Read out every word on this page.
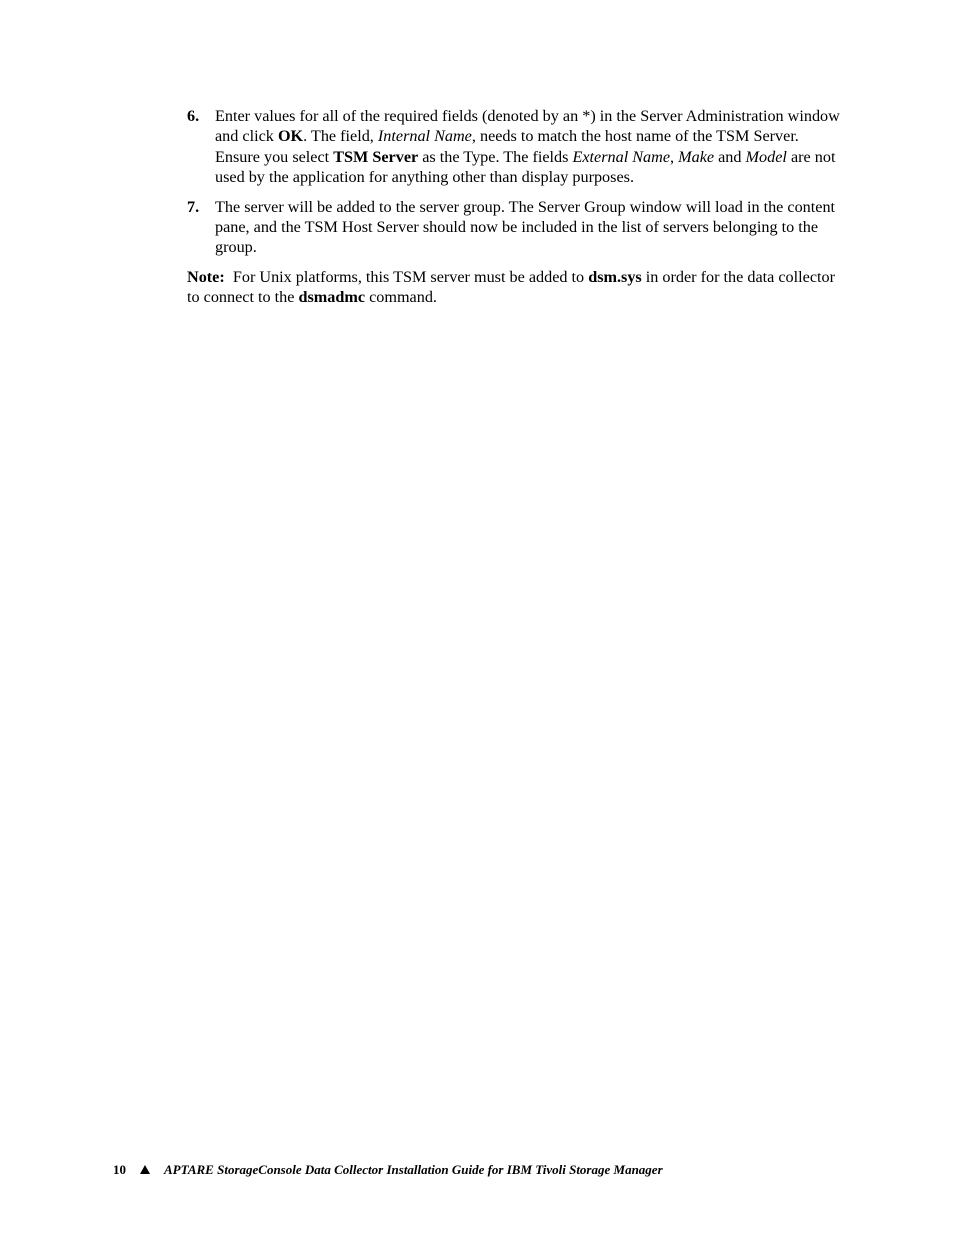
6. Enter values for all of the required fields (denoted by an *) in the Server Administration window and click OK. The field, Internal Name, needs to match the host name of the TSM Server. Ensure you select TSM Server as the Type. The fields External Name, Make and Model are not used by the application for anything other than display purposes.
7. The server will be added to the server group. The Server Group window will load in the content pane, and the TSM Host Server should now be included in the list of servers belonging to the group.

Note: For Unix platforms, this TSM server must be added to dsm.sys in order for the data collector to connect to the dsmadmc command.

10	APTARE StorageConsole Data Collector Installation Guide for IBM Tivoli Storage Manager
